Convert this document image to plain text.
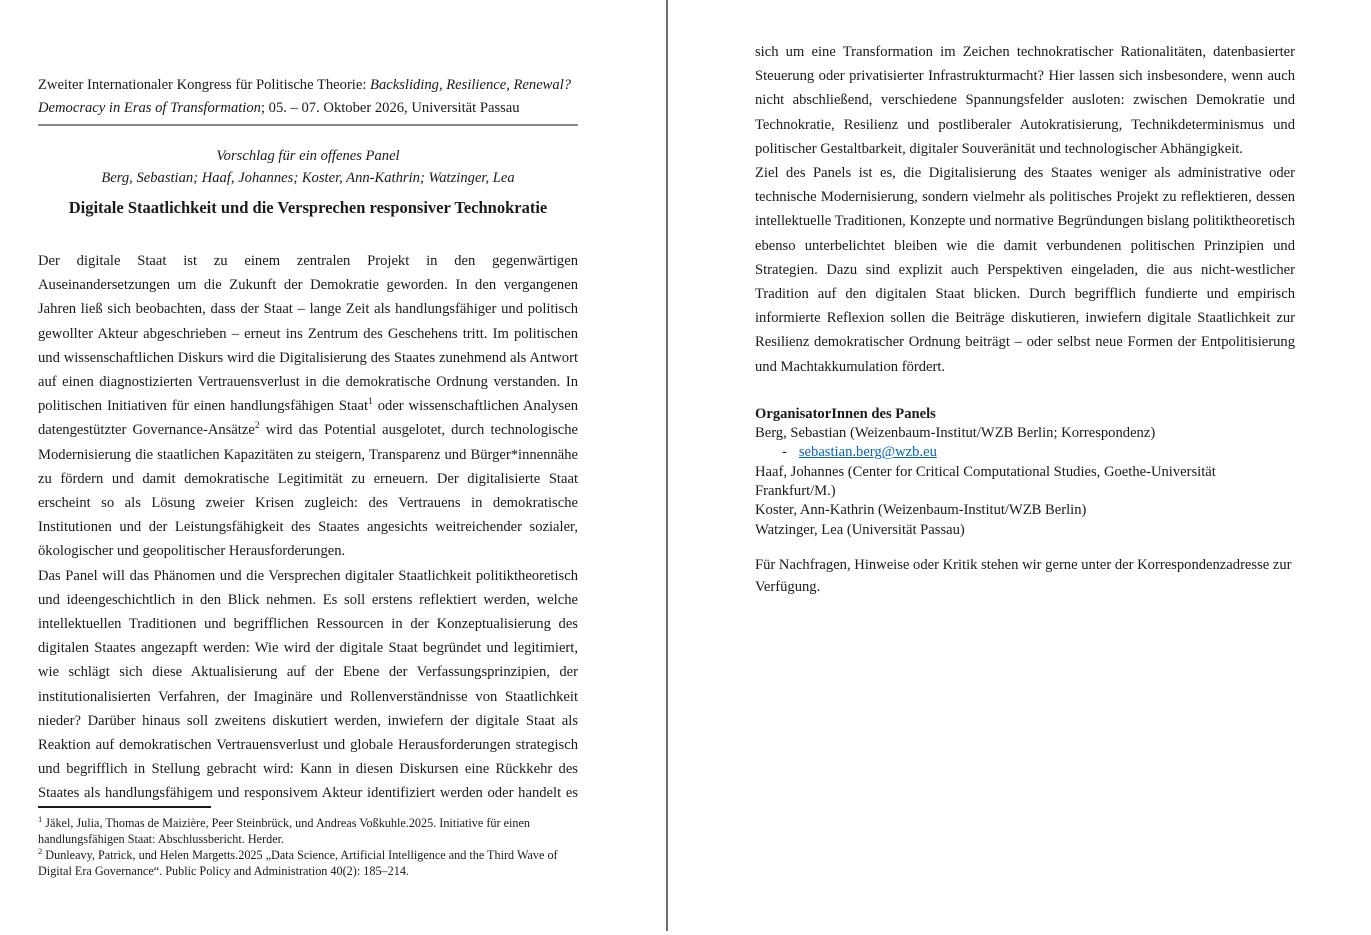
Zweiter Internationaler Kongress für Politische Theorie: Backsliding, Resilience, Renewal? Democracy in Eras of Transformation; 05. – 07. Oktober 2026, Universität Passau

Vorschlag für ein offenes Panel
Berg, Sebastian; Haaf, Johannes; Koster, Ann-Kathrin; Watzinger, Lea

Digitale Staatlichkeit und die Versprechen responsiver Technokratie

Der digitale Staat ist zu einem zentralen Projekt in den gegenwärtigen Auseinandersetzungen um die Zukunft der Demokratie geworden. In den vergangenen Jahren ließ sich beobachten, dass der Staat – lange Zeit als handlungsfähiger und politisch gewollter Akteur abgeschrieben – erneut ins Zentrum des Geschehens tritt. Im politischen und wissenschaftlichen Diskurs wird die Digitalisierung des Staates zunehmend als Antwort auf einen diagnostizierten Vertrauensverlust in die demokratische Ordnung verstanden. In politischen Initiativen für einen handlungsfähigen Staat$^1$ oder wissenschaftlichen Analysen datengestützter Governance-Ansätze$^2$ wird das Potential ausgelotet, durch technologische Modernisierung die staatlichen Kapazitäten zu steigern, Transparenz und Bürger*innennähe zu fördern und damit demokratische Legitimität zu erneuern. Der digitalisierte Staat erscheint so als Lösung zweier Krisen zugleich: des Vertrauens in demokratische Institutionen und der Leistungsfähigkeit des Staates angesichts weitreichender sozialer, ökologischer und geopolitischer Herausforderungen.

Das Panel will das Phänomen und die Versprechen digitaler Staatlichkeit politiktheoretisch und ideengeschichtlich in den Blick nehmen. Es soll erstens reflektiert werden, welche intellektuellen Traditionen und begrifflichen Ressourcen in der Konzeptualisierung des digitalen Staates angezapft werden: Wie wird der digitale Staat begründet und legitimiert, wie schlägt sich diese Aktualisierung auf der Ebene der Verfassungsprinzipien, der institutionalisierten Verfahren, der Imaginäre und Rollenverständnisse von Staatlichkeit nieder? Darüber hinaus soll zweitens diskutiert werden, inwiefern der digitale Staat als Reaktion auf demokratischen Vertrauensverlust und globale Herausforderungen strategisch und begrifflich in Stellung gebracht wird: Kann in diesen Diskursen eine Rückkehr des Staates als handlungsfähigem und responsivem Akteur identifiziert werden oder handelt es

$^1$ Jäkel, Julia, Thomas de Maizière, Peer Steinbrück, und Andreas Voßkuhle.2025. Initiative für einen handlungsfähigen Staat: Abschlussbericht. Herder.

$^2$ Dunleavy, Patrick, und Helen Margetts.2025 „Data Science, Artificial Intelligence and the Third Wave of Digital Era Governance“. Public Policy and Administration 40(2): 185–214.

sich um eine Transformation im Zeichen technokratischer Rationalitäten, datenbasierter Steuerung oder privatisierter Infrastrukturmacht? Hier lassen sich insbesondere, wenn auch nicht abschließend, verschiedene Spannungsfelder ausloten: zwischen Demokratie und Technokratie, Resilienz und postliberaler Autokratisierung, Technikdeterminismus und politischer Gestaltbarkeit, digitaler Souveränität und technologischer Abhängigkeit.

Ziel des Panels ist es, die Digitalisierung des Staates weniger als administrative oder technische Modernisierung, sondern vielmehr als politisches Projekt zu reflektieren, dessen intellektuelle Traditionen, Konzepte und normative Begründungen bislang politiktheoretisch ebenso unterbelichtet bleiben wie die damit verbundenen politischen Prinzipien und Strategien. Dazu sind explizit auch Perspektiven eingeladen, die aus nicht-westlicher Tradition auf den digitalen Staat blicken. Durch begrifflich fundierte und empirisch informierte Reflexion sollen die Beiträge diskutieren, inwiefern digitale Staatlichkeit zur Resilienz demokratischer Ordnung beiträgt – oder selbst neue Formen der Entpolitisierung und Machtakkumulation fördert.

OrganisatorInnen des Panels

Berg, Sebastian (Weizenbaum-Institut/WZB Berlin; Korrespondenz)

- sebastian.berg@wzb.eu

Haaf, Johannes (Center for Critical Computational Studies, Goethe-Universität Frankfurt/M.)

Koster, Ann-Kathrin (Weizenbaum-Institut/WZB Berlin)

Watzinger, Lea (Universität Passau)

Für Nachfragen, Hinweise oder Kritik stehen wir gerne unter der Korrespondenzadresse zur Verfügung.
